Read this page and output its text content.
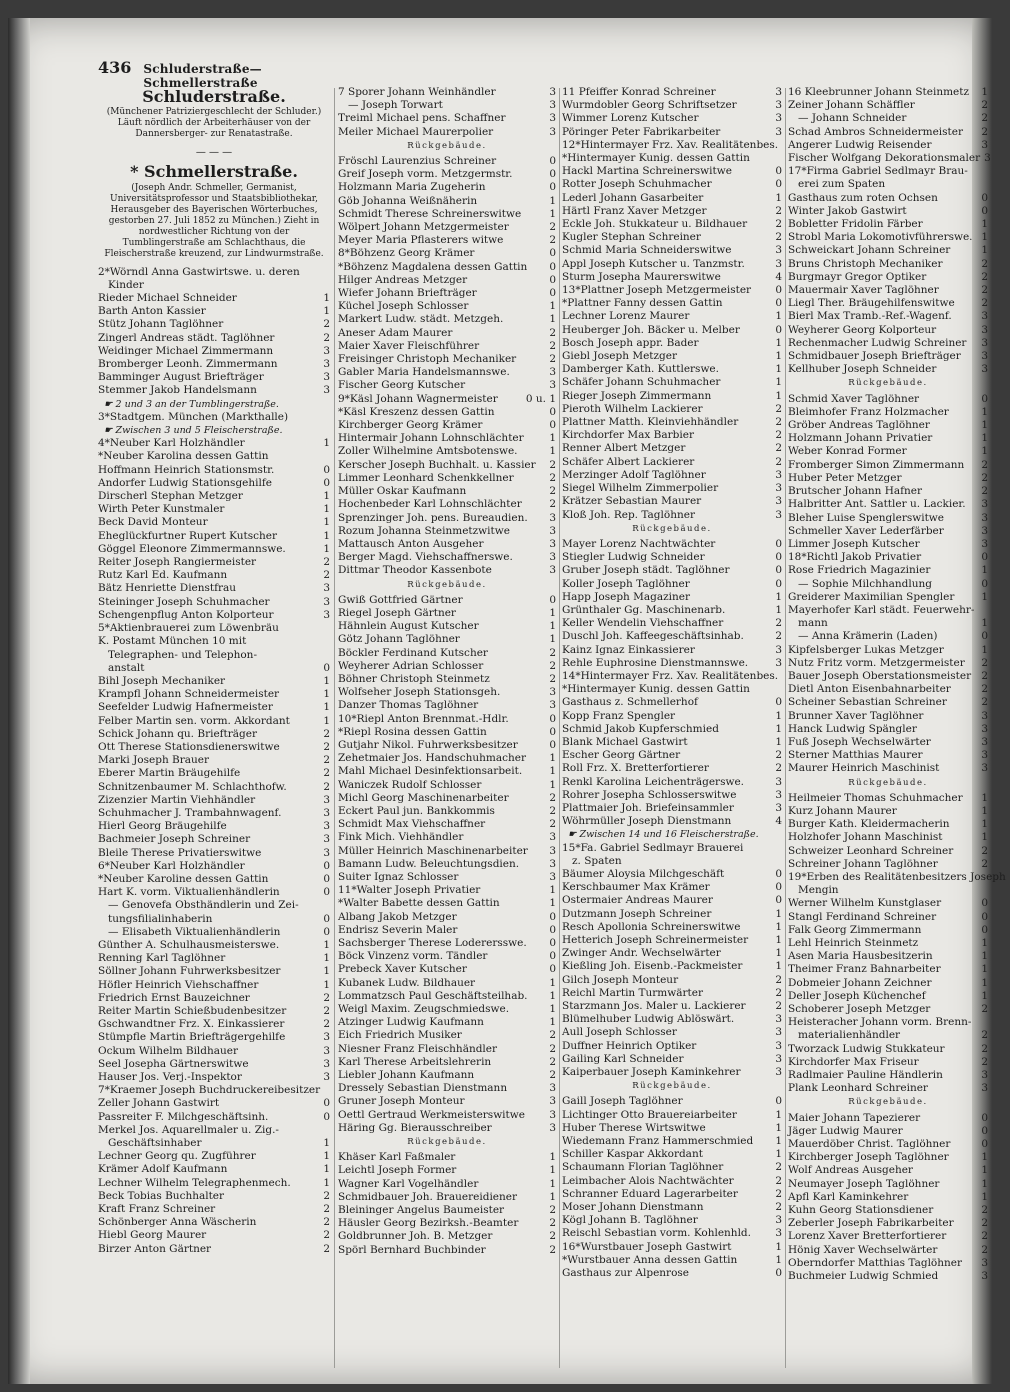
436 Schluderstraße—Schmellerstraße
Schluderstraße.
(Münchener Patriziergeschlecht der Schluder.) Läuft nördlich der Arbeiterhäuser von der Dannersberger- zur Renatastraße.
— — —
* Schmellerstraße.
(Joseph Andr. Schmeller, Germanist, Universitätsprofessor und Staatsbibliothekar, Herausgeber des Bayerischen Wörterbuches, gestorben 27. Juli 1852 zu München.) Zieht in nordwestlicher Richtung von der Tumblingerstraße am Schlachthaus, die Fleischerstraße kreuzend, zur Lindwurmstraße.
2*Wörndl Anna Gastwirtswe. u. deren
Kinder
Rieder Michael Schneider	1
Barth Anton Kassier	1
Stütz Johann Taglöhner	2
Zingerl Andreas städt. Taglöhner	2
Weidinger Michael Zimmermann	3
Bromberger Leonh. Zimmermann	3
Bamminger August Briefträger	3
Stemmer Jakob Handelsmann	3
☛ 2 und 3 an der Tumblingerstraße.
3*Stadtgem. München (Markthalle)
☛ Zwischen 3 und 5 Fleischerstraße.
4*Neuber Karl Holzhändler	1
*Neuber Karolina dessen Gattin
Hoffmann Heinrich Stationsmstr.	0
Andorfer Ludwig Stationsgehilfe	0
Dirscherl Stephan Metzger	1
Wirth Peter Kunstmaler	1
Beck David Monteur	1
Eheglückfurtner Rupert Kutscher	1
Göggel Eleonore Zimmermannswe.	1
Reiter Joseph Rangiermeister	2
Rutz Karl Ed. Kaufmann	2
Bätz Henriette Dienstfrau	3
Steininger Joseph Schuhmacher	3
Schengenpflug Anton Kolporteur	3
5*Aktienbrauerei zum Löwenbräu
K. Postamt München 10 mit
Telegraphen- und Telephon-
anstalt	0
Bihl Joseph Mechaniker	1
Krampfl Johann Schneidermeister	1
Seefelder Ludwig Hafnermeister	1
Felber Martin sen. vorm. Akkordant	1
Schick Johann qu. Briefträger	2
Ott Therese Stationsdienerswitwe	2
Marki Joseph Brauer	2
Eberer Martin Bräugehilfe	2
Schnitzenbaumer M. Schlachthofw.	2
Zizenzier Martin Viehhändler	3
Schuhmacher J. Trambahnwagenf.	3
Hierl Georg Bräugehilfe	3
Bachmeier Joseph Schreiner	3
Bleile Therese Privatierswitwe	3
6*Neuber Karl Holzhändler	0
*Neuber Karoline dessen Gattin	0
Hart K. vorm. Viktualienhändlerin	0
— Genovefa Obsthändlerin und Zei-
tungsfilialinhaberin	0
— Elisabeth Viktualienhändlerin	0
Günther A. Schulhausmeisterswe.	1
Renning Karl Taglöhner	1
Söllner Johann Fuhrwerksbesitzer	1
Höfler Heinrich Viehschaffner	1
Friedrich Ernst Bauzeichner	2
Reiter Martin Schießbudenbesitzer	2
Gschwandtner Frz. X. Einkassierer	2
Stümpfle Martin Briefträgergehilfe	3
Ockum Wilhelm Bildhauer	3
Seel Josepha Gärtnerswitwe	3
Hauser Jos. Verj.-Inspektor	3
7*Kraemer Joseph Buchdruckereibesitzer
Zeller Johann Gastwirt	0
Passreiter F. Milchgeschäftsinh.	0
Merkel Jos. Aquarellmaler u. Zig.-
Geschäftsinhaber	1
Lechner Georg qu. Zugführer	1
Krämer Adolf Kaufmann	1
Lechner Wilhelm Telegraphenmech.	1
Beck Tobias Buchhalter	2
Kraft Franz Schreiner	2
Schönberger Anna Wäscherin	2
Hiebl Georg Maurer	2
Birzer Anton Gärtner	2
7 Sporer Johann Weinhändler	3
— Joseph Torwart	3
Treiml Michael pens. Schaffner	3
Meiler Michael Maurerpolier	3
Rückgebäude.
Fröschl Laurenzius Schreiner	0
Greif Joseph vorm. Metzgermstr.	0
Holzmann Maria Zugeherin	0
Göb Johanna Weißnäherin	1
Schmidt Therese Schreinerswitwe	1
Wölpert Johann Metzgermeister	2
Meyer Maria Pflasterers witwe	2
8*Böhzenz Georg Krämer	0
*Böhzenz Magdalena dessen Gattin	0
Hilger Andreas Metzger	0
Wiefer Johann Briefträger	0
Küchel Joseph Schlosser	1
Markert Ludw. städt. Metzgeh.	1
Aneser Adam Maurer	2
Maier Xaver Fleischführer	2
Freisinger Christoph Mechaniker	2
Gabler Maria Handelsmannswe.	3
Fischer Georg Kutscher	3
9*Käsl Johann Wagnermeister	0 u. 1
*Käsl Kreszenz dessen Gattin	0
Kirchberger Georg Krämer	0
Hintermair Johann Lohnschlächter	1
Zoller Wilhelmine Amtsbotenswe.	1
Kerscher Joseph Buchhalt. u. Kassier	2
Limmer Leonhard Schenkkellner	2
Müller Oskar Kaufmann	2
Hochenbeder Karl Lohnschlächter	2
Sprenzinger Joh. pens. Bureaudien.	3
Rozum Johanna Steinmetzwitwe	3
Mattausch Anton Ausgeher	3
Berger Magd. Viehschaffnerswe.	3
Dittmar Theodor Kassenbote	3
Rückgebäude.
Gwiß Gottfried Gärtner	0
Riegel Joseph Gärtner	1
Hähnlein August Kutscher	1
Götz Johann Taglöhner	1
Böckler Ferdinand Kutscher	2
Weyherer Adrian Schlosser	2
Böhner Christoph Steinmetz	2
Wolfseher Joseph Stationsgeh.	3
Danzer Thomas Taglöhner	3
10*Riepl Anton Brennmat.-Hdlr.	0
*Riepl Rosina dessen Gattin	0
Gutjahr Nikol. Fuhrwerksbesitzer	0
Zehetmaier Jos. Handschuhmacher	1
Mahl Michael Desinfektionsarbeit.	1
Waniczek Rudolf Schlosser	1
Michl Georg Maschinenarbeiter	2
Eckert Paul jun. Bankkommis	2
Schmidt Max Viehschaffner	2
Fink Mich. Viehhändler	3
Müller Heinrich Maschinenarbeiter	3
Bamann Ludw. Beleuchtungsdien.	3
Suiter Ignaz Schlosser	3
11*Walter Joseph Privatier	1
*Walter Babette dessen Gattin	1
Albang Jakob Metzger	0
Endrisz Severin Maler	0
Sachsberger Therese Loderersswe.	0
Böck Vinzenz vorm. Tändler	0
Prebeck Xaver Kutscher	0
Kubanek Ludw. Bildhauer	1
Lommatzsch Paul Geschäftsteilhab.	1
Weigl Maxim. Zeugschmiedswe.	1
Atzinger Ludwig Kaufmann	1
Eich Friedrich Musiker	2
Niesner Franz Fleischhändler	2
Karl Therese Arbeitslehrerin	2
Liebler Johann Kaufmann	2
Dressely Sebastian Dienstmann	3
Gruner Joseph Monteur	3
Oettl Gertraud Werkmeisterswitwe	3
Häring Gg. Bierausschreiber	3
Rückgebäude.
Khäser Karl Faßmaler	1
Leichtl Joseph Former	1
Wagner Karl Vogelhändler	1
Schmidbauer Joh. Brauereidiener	1
Bleininger Angelus Baumeister	2
Häusler Georg Bezirksh.-Beamter	2
Goldbrunner Joh. B. Metzger	2
Spörl Bernhard Buchbinder	2
11 Pfeiffer Konrad Schreiner	3
Wurmdobler Georg Schriftsetzer	3
Wimmer Lorenz Kutscher	3
Pöringer Peter Fabrikarbeiter	3
12*Hintermayer Frz. Xav. Realitätenbes.
*Hintermayer Kunig. dessen Gattin
Hackl Martina Schreinerswitwe	0
Rotter Joseph Schuhmacher	0
Lederl Johann Gasarbeiter	1
Härtl Franz Xaver Metzger	2
Eckle Joh. Stukkateur u. Bildhauer	2
Kugler Stephan Schreiner	2
Schmid Maria Schneiderswitwe	3
Appl Joseph Kutscher u. Tanzmstr.	3
Sturm Josepha Maurerswitwe	4
13*Plattner Joseph Metzgermeister	0
*Plattner Fanny dessen Gattin	0
Lechner Lorenz Maurer	1
Heuberger Joh. Bäcker u. Melber	0
Bosch Joseph appr. Bader	1
Giebl Joseph Metzger	1
Damberger Kath. Kuttlerswe.	1
Schäfer Johann Schuhmacher	1
Rieger Joseph Zimmermann	1
Pieroth Wilhelm Lackierer	2
Plattner Matth. Kleinviehhändler	2
Kirchdorfer Max Barbier	2
Renner Albert Metzger	2
Schäfer Albert Lackierer	2
Merzinger Adolf Taglöhner	3
Siegel Wilhelm Zimmerpolier	3
Krätzer Sebastian Maurer	3
Kloß Joh. Rep. Taglöhner	3
Rückgebäude.
Mayer Lorenz Nachtwächter	0
Stiegler Ludwig Schneider	0
Gruber Joseph städt. Taglöhner	0
Koller Joseph Taglöhner	0
Happ Joseph Magaziner	1
Grünthaler Gg. Maschinenarb.	1
Keller Wendelin Viehschaffner	2
Duschl Joh. Kaffeegeschäftsinhab.	2
Kainz Ignaz Einkassierer	3
Rehle Euphrosine Dienstmannswe.	3
14*Hintermayer Frz. Xav. Realitätenbes.
*Hintermayer Kunig. dessen Gattin
Gasthaus z. Schmellerhof	0
Kopp Franz Spengler	1
Schmid Jakob Kupferschmied	1
Blank Michael Gastwirt	1
Escher Georg Gärtner	2
Roll Frz. X. Bretterfortierer	2
Renkl Karolina Leichenträgerswe.	3
Rohrer Josepha Schlosserswitwe	3
Plattmaier Joh. Briefeinsammler	3
Wöhrmüller Joseph Dienstmann	4
☛ Zwischen 14 und 16 Fleischerstraße.
15*Fa. Gabriel Sedlmayr Brauerei
z. Spaten
Bäumer Aloysia Milchgeschäft	0
Kerschbaumer Max Krämer	0
Ostermaier Andreas Maurer	0
Dutzmann Joseph Schreiner	1
Resch Apollonia Schreinerswitwe	1
Hetterich Joseph Schreinermeister	1
Zwinger Andr. Wechselwärter	1
Kießling Joh. Eisenb.-Packmeister	1
Gilch Joseph Monteur	2
Reichl Martin Turmwärter	2
Starzmann Jos. Maler u. Lackierer	2
Blümelhuber Ludwig Ablöswärt.	3
Aull Joseph Schlosser	3
Duffner Heinrich Optiker	3
Gailing Karl Schneider	3
Kaiperbauer Joseph Kaminkehrer	3
Rückgebäude.
Gaill Joseph Taglöhner	0
Lichtinger Otto Brauereiarbeiter	1
Huber Therese Wirtswitwe	1
Wiedemann Franz Hammerschmied	1
Schiller Kaspar Akkordant	1
Schaumann Florian Taglöhner	2
Leimbacher Alois Nachtwächter	2
Schranner Eduard Lagerarbeiter	2
Moser Johann Dienstmann	2
Kögl Johann B. Taglöhner	3
Reischl Sebastian vorm. Kohlenhld.	3
16*Wurstbauer Joseph Gastwirt	1
*Wurstbauer Anna dessen Gattin	1
Gasthaus zur Alpenrose	0
16 Kleebrunner Johann Steinmetz	1
Zeiner Johann Schäffler	2
— Johann Schneider	2
Schad Ambros Schneidermeister	2
Angerer Ludwig Reisender	3
Fischer Wolfgang Dekorationsmaler 3
17*Firma Gabriel Sedlmayr Brau-
erei zum Spaten
Gasthaus zum roten Ochsen	0
Winter Jakob Gastwirt	0
Bobletter Fridolin Färber	1
Strobl Maria Lokomotivführerswe. 1
Schweickart Johann Schreiner	1
Bruns Christoph Mechaniker	2
Burgmayr Gregor Optiker	2
Mauermair Xaver Taglöhner	2
Liegl Ther. Bräugehilfenswitwe	2
Bierl Max Tramb.-Ref.-Wagenf.	3
Weyherer Georg Kolporteur	3
Rechenmacher Ludwig Schreiner	3
Schmidbauer Joseph Briefträger	3
Kellhuber Joseph Schneider	3
Rückgebäude.
Schmid Xaver Taglöhner	0
Bleimhofer Franz Holzmacher	1
Gröber Andreas Taglöhner	1
Holzmann Johann Privatier	1
Weber Konrad Former	1
Fromberger Simon Zimmermann	2
Huber Peter Metzger	2
Brutscher Johann Hafner	2
Halbritter Ant. Sattler u. Lackier.	3
Bleher Luise Spenglerswitwe	3
Schmeller Xaver Lederfärber	3
Limmer Joseph Kutscher	3
18*Richtl Jakob Privatier	0
Rose Friedrich Magazinier	1
— Sophie Milchhandlung	0
Greiderer Maximilian Spengler	1
Mayerhofer Karl städt. Feuerwehr-
mann	1
— Anna Krämerin (Laden)	0
Kipfelsberger Lukas Metzger	1
Nutz Fritz vorm. Metzgermeister	2
Bauer Joseph Oberstationsmeister 2
Dietl Anton Eisenbahnarbeiter	2
Scheiner Sebastian Schreiner	2
Brunner Xaver Taglöhner	3
Hanck Ludwig Spängler	3
Fuß Joseph Wechselwärter	3
Sterner Matthias Maurer	3
Maurer Heinrich Maschinist	3
Rückgebäude.
Heilmeier Thomas Schuhmacher	1
Kurz Johann Maurer	1
Burger Kath. Kleidermacherin	1
Holzhofer Johann Maschinist	1
Schweizer Leonhard Schreiner	2
Schreiner Johann Taglöhner	2
19*Erben des Realitätenbesitzers Joseph
Mengin
Werner Wilhelm Kunstglaser	0
Stangl Ferdinand Schreiner	0
Falk Georg Zimmermann	0
Lehl Heinrich Steinmetz	1
Asen Maria Hausbesitzerin	1
Theimer Franz Bahnarbeiter	1
Dobmeier Johann Zeichner	1
Deller Joseph Küchenchef	1
Schoberer Joseph Metzger	2
Heisteracher Johann vorm. Brenn-
materialienhändler	2
Tworzack Ludwig Stukkateur	2
Kirchdorfer Max Friseur	2
Radlmaier Pauline Händlerin	3
Plank Leonhard Schreiner	3
Rückgebäude.
Maier Johann Tapezierer	0
Jäger Ludwig Maurer	0
Mauerdöber Christ. Taglöhner	0
Kirchberger Joseph Taglöhner	1
Wolf Andreas Ausgeher	1
Neumayer Joseph Taglöhner	1
Apfl Karl Kaminkehrer	1
Kuhn Georg Stationsdiener	2
Zeberler Joseph Fabrikarbeiter	2
Lorenz Xaver Bretterfortierer	2
Hönig Xaver Wechselwärter	2
Oberndorfer Matthias Taglöhner	3
Buchmeier Ludwig Schmied	3
